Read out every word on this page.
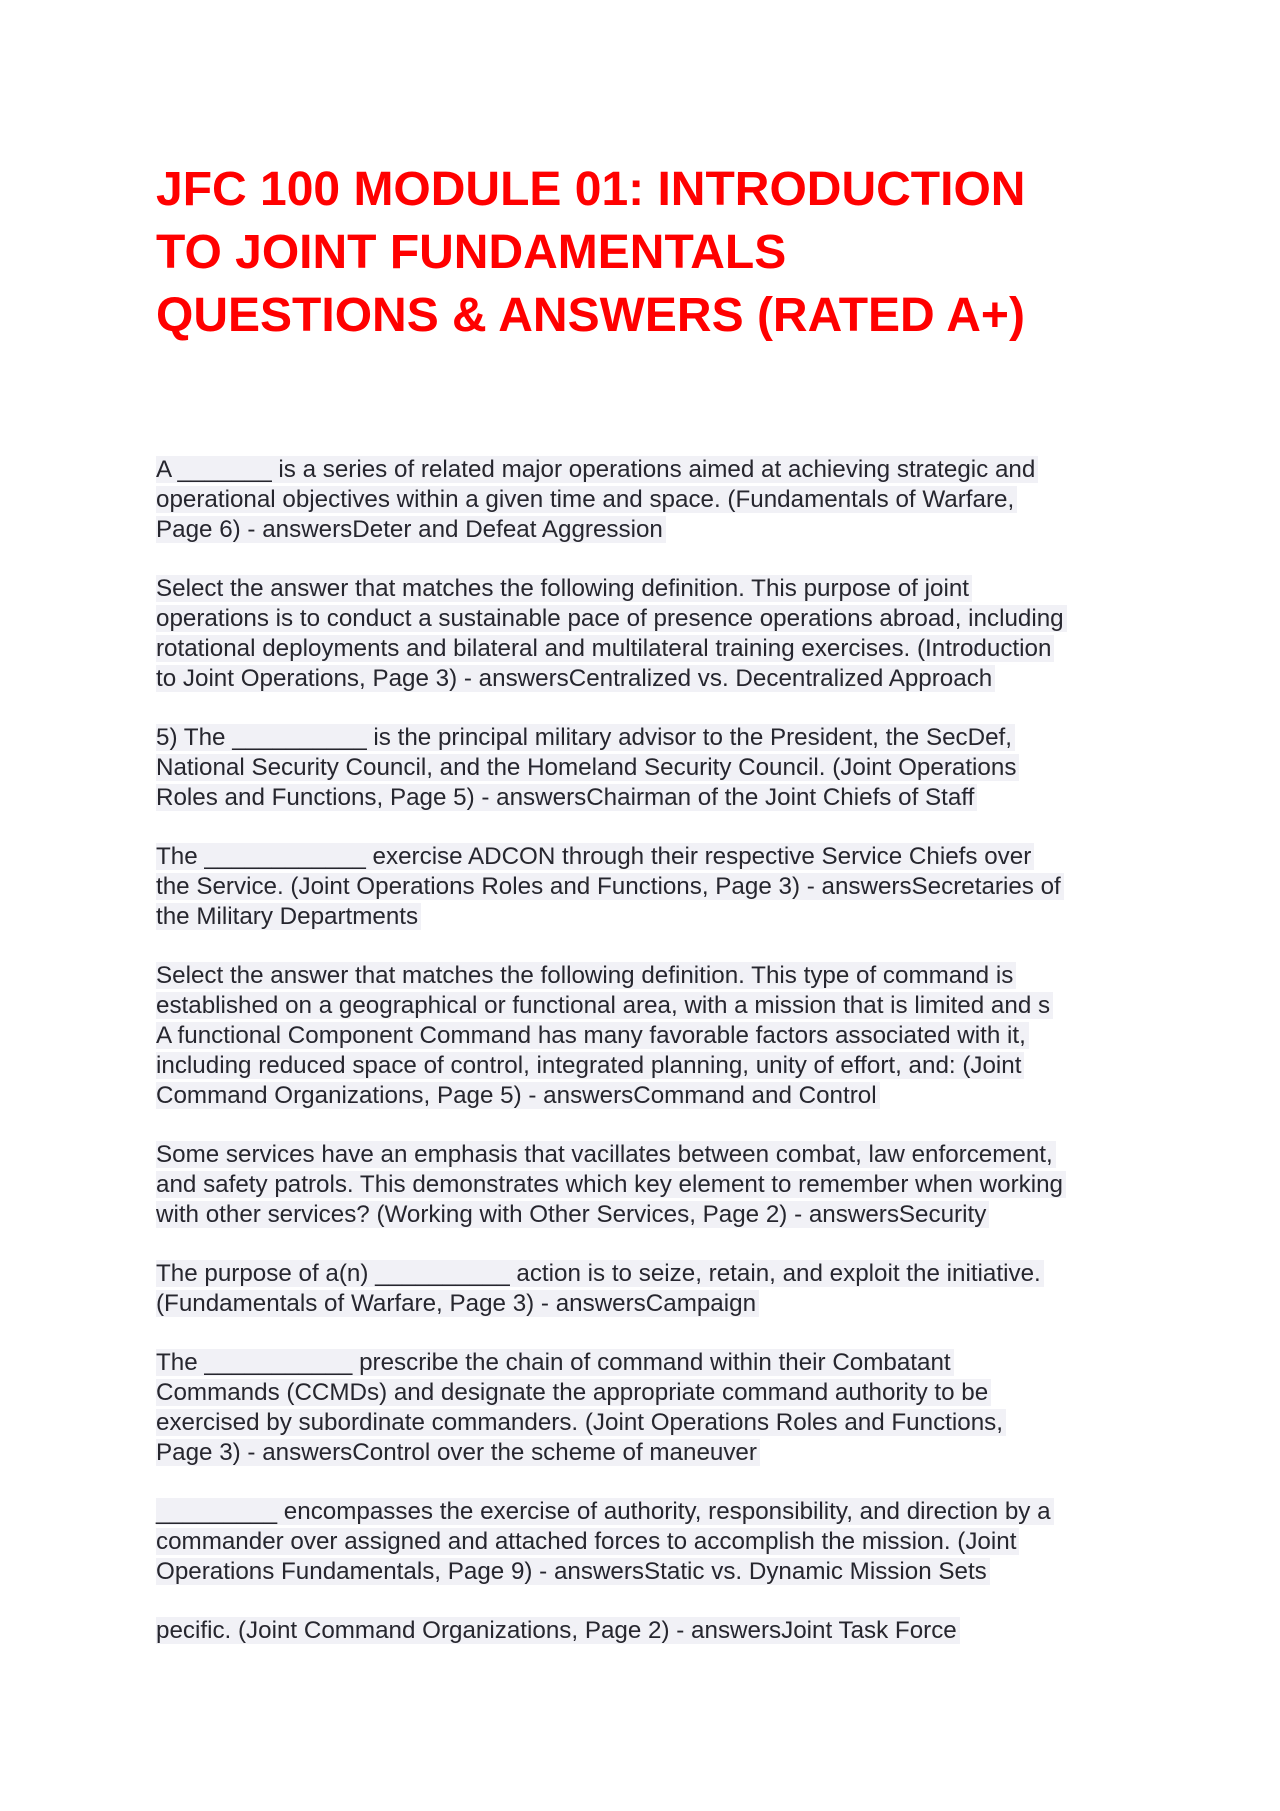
JFC 100 MODULE 01: INTRODUCTION
TO JOINT FUNDAMENTALS
QUESTIONS & ANSWERS (RATED A+)
A _______ is a series of related major operations aimed at achieving strategic and
operational objectives within a given time and space. (Fundamentals of Warfare,
Page 6) - answersDeter and Defeat Aggression
Select the answer that matches the following definition. This purpose of joint
operations is to conduct a sustainable pace of presence operations abroad, including
rotational deployments and bilateral and multilateral training exercises. (Introduction
to Joint Operations, Page 3) - answersCentralized vs. Decentralized Approach
5) The __________ is the principal military advisor to the President, the SecDef,
National Security Council, and the Homeland Security Council. (Joint Operations
Roles and Functions, Page 5) - answersChairman of the Joint Chiefs of Staff
The ____________ exercise ADCON through their respective Service Chiefs over
the Service. (Joint Operations Roles and Functions, Page 3) - answersSecretaries of
the Military Departments
Select the answer that matches the following definition. This type of command is
established on a geographical or functional area, with a mission that is limited and s
A functional Component Command has many favorable factors associated with it,
including reduced space of control, integrated planning, unity of effort, and: (Joint
Command Organizations, Page 5) - answersCommand and Control
Some services have an emphasis that vacillates between combat, law enforcement,
and safety patrols. This demonstrates which key element to remember when working
with other services? (Working with Other Services, Page 2) - answersSecurity
The purpose of a(n) __________ action is to seize, retain, and exploit the initiative.
(Fundamentals of Warfare, Page 3) - answersCampaign
The ___________ prescribe the chain of command within their Combatant
Commands (CCMDs) and designate the appropriate command authority to be
exercised by subordinate commanders. (Joint Operations Roles and Functions,
Page 3) - answersControl over the scheme of maneuver
_________ encompasses the exercise of authority, responsibility, and direction by a
commander over assigned and attached forces to accomplish the mission. (Joint
Operations Fundamentals, Page 9) - answersStatic vs. Dynamic Mission Sets
pecific. (Joint Command Organizations, Page 2) - answersJoint Task Force
